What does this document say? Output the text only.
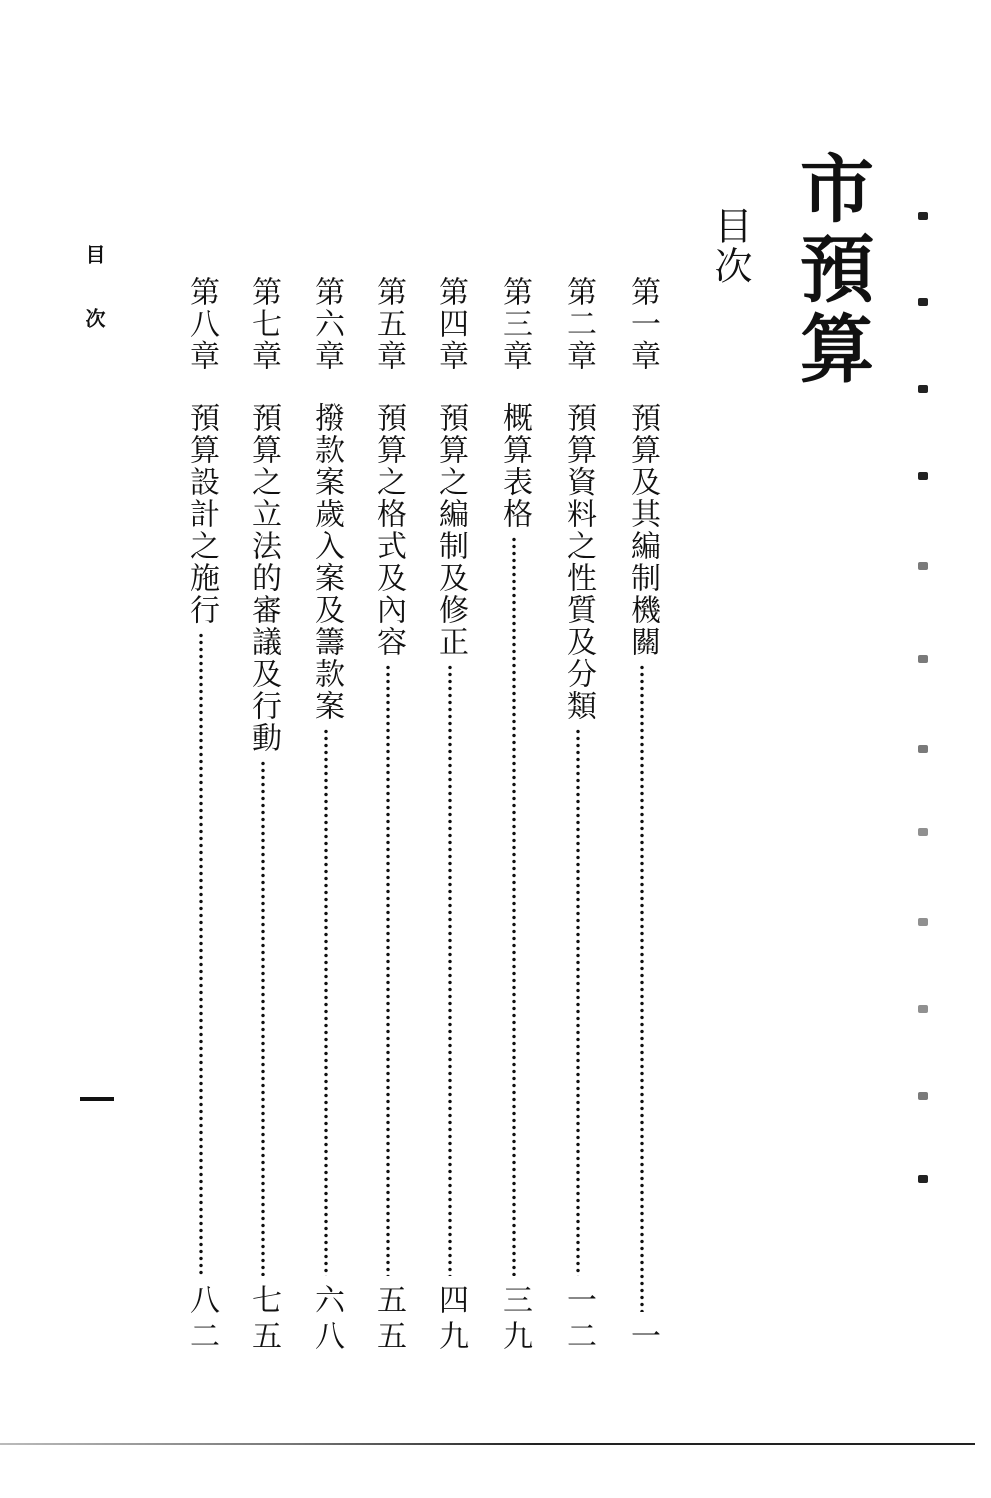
市預算
目次
第一章
預算及其編制機關
一
第二章
預算資料之性質及分類
一二
第三章
概算表格
三九
第四章
預算之編制及修正
四九
第五章
預算之格式及內容
五五
第六章
撥款案歲入案及籌款案
六八
第七章
預算之立法的審議及行動
七五
第八章
預算設計之施行
八二
目次
